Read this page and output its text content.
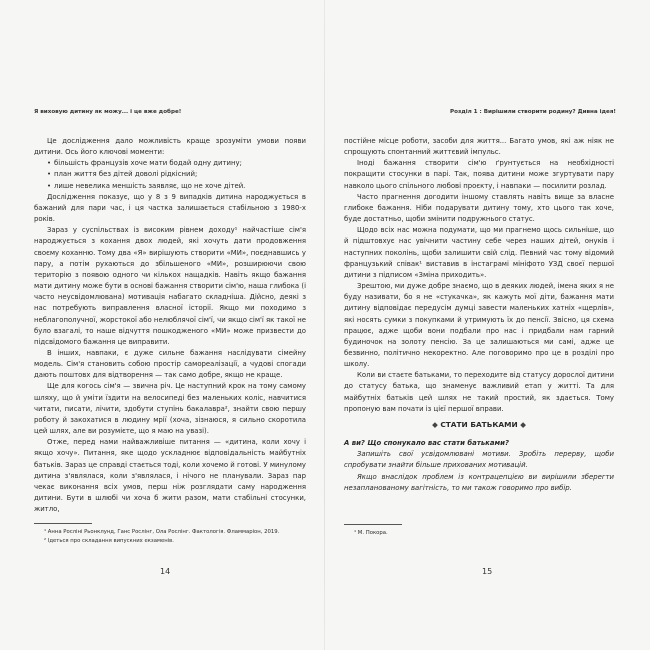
Я виховую дитину як можу... і це вже добре!

Це дослідження дало можливість краще зрозуміти умови появи дитини. Ось його ключові моменти:

• більшість французів хоче мати бодай одну дитину;

• план життя без дітей доволі рідкісний;

• лише невелика меншість заявляє, що не хоче дітей.

Дослідження показує, що у 8 з 9 випадків дитина народжується в бажаний для пари час, і ця частка залишається стабільною з 1980-х років.

Зараз у суспільствах із високим рівнем доходу¹ найчастіше сім'я народжується з кохання двох людей, які хочуть дати продовження своєму коханню. Тому два «Я» вирішують створити «МИ», поєднавшись у пару, а потім рухаються до збільшеного «МИ», розширюючи свою територію з появою одного чи кількох нащадків. Навіть якщо бажання мати дитину може бути в основі бажання створити сім'ю, наша глибока (і часто неусвідомлювана) мотивація набагато складніша. Дійсно, деякі з нас потребують виправлення власної історії. Якщо ми походимо з неблагополучної, жорстокої або нелюблячої сім'ї, чи якщо сім'ї як такої не було взагалі, то наше відчуття пошкодженого «МИ» може призвести до підсвідомого бажання це виправити.

В інших, навпаки, є дуже сильне бажання наслідувати сімейну модель. Сім'я становить собою простір самореалізації, а чудові спогади дають поштовх для відтворення — так само добре, якщо не краще.

Ще для когось сім'я — звична річ. Це наступний крок на тому самому шляху, що й уміти їздити на велосипеді без маленьких коліс, навчитися читати, писати, лічити, здобути ступінь бакалавра², знайти свою першу роботу й закохатися в людину мрії (хоча, зізнаюся, я сильно скоротила цей шлях, але ви розумієте, що я маю на увазі).

Отже, перед нами найважливіше питання — «дитина, коли хочу і якщо хочу». Питання, яке щодо ускладнює відповідальність майбутніх батьків. Зараз це справді стається тоді, коли хочемо й готові. У минулому дитина з'являлася, коли з'являлася, і нічого не планували. Зараз пар чекає виконання всіх умов, перш ніж розглядати саму народження дитини. Бути в шлюбі чи хоча б жити разом, мати стабільні стосунки, житло,

¹ Анна Росліні Рьонклунд, Ганс Рослінг, Ола Рослінг. Фактологія. Фламмаріон, 2019.

² Ідеться про складання випускних екзаменів.

14
Розділ 1 : Вирішили створити родину? Дивна ідея!

постійне місце роботи, засоби для життя... Багато умов, які аж ніяк не спрощують спонтанний життєвий імпульс.

Іноді бажання створити сім'ю ґрунтується на необхідності покращити стосунки в парі. Так, поява дитини може згуртувати пару навколо цього спільного любові проєкту, і навпаки — посилити розлад.

Часто прагнення догодити іншому ставлять навіть вище за власне глибоке бажання. Ніби подарувати дитину тому, хто цього так хоче, буде достатньо, щоби змінити подружнього статус.

Щодо всіх нас можна подумати, що ми прагнемо щось сильніше, що й підштовхує нас увічнити частину себе через наших дітей, онуків і наступних поколінь, щоби залишити свій слід. Певний час тому відомий французький співак¹ виставив в інстаграмі мініфото УЗД своєї першої дитини з підписом «Зміна приходить».

Зрештою, ми дуже добре знаємо, що в деяких людей, імена яких я не буду називати, бо я не «стукачка», як кажуть мої діти, бажання мати дитину відповідає передусім думці завести маленьких хатніх «щерлів», які носять сумки з покупками й утримують їх до пенсії. Звісно, ця схема працює, адже щоби вони подбали про нас і придбали нам гарний будиночок на золоту пенсію. За це залишаються ми самі, адже це безвинно, полiтично некоректно. Але поговоримо про це в розділі про школу.

Коли ви стаєте батьками, то переходите від статусу дорослої дитини до статусу батька, що знаменує важливий етап у житті. Та для майбутніх батьків цей шлях не такий простий, як здається. Тому пропоную вам почати із цієї першої вправи.

◆ СТАТИ БАТЬКАМИ ◆

А ви? Що спонукало вас стати батьками?

Запишіть свої усвідомлювані мотиви. Зробіть перерву, щоби спробувати знайти більше прихованих мотивацій.

Якщо внаслідок проблем із контрацепцією ви вирішили зберегти незапланованому вагітність, то ми також говоримо про вибір.

¹ М. Покора.

15
